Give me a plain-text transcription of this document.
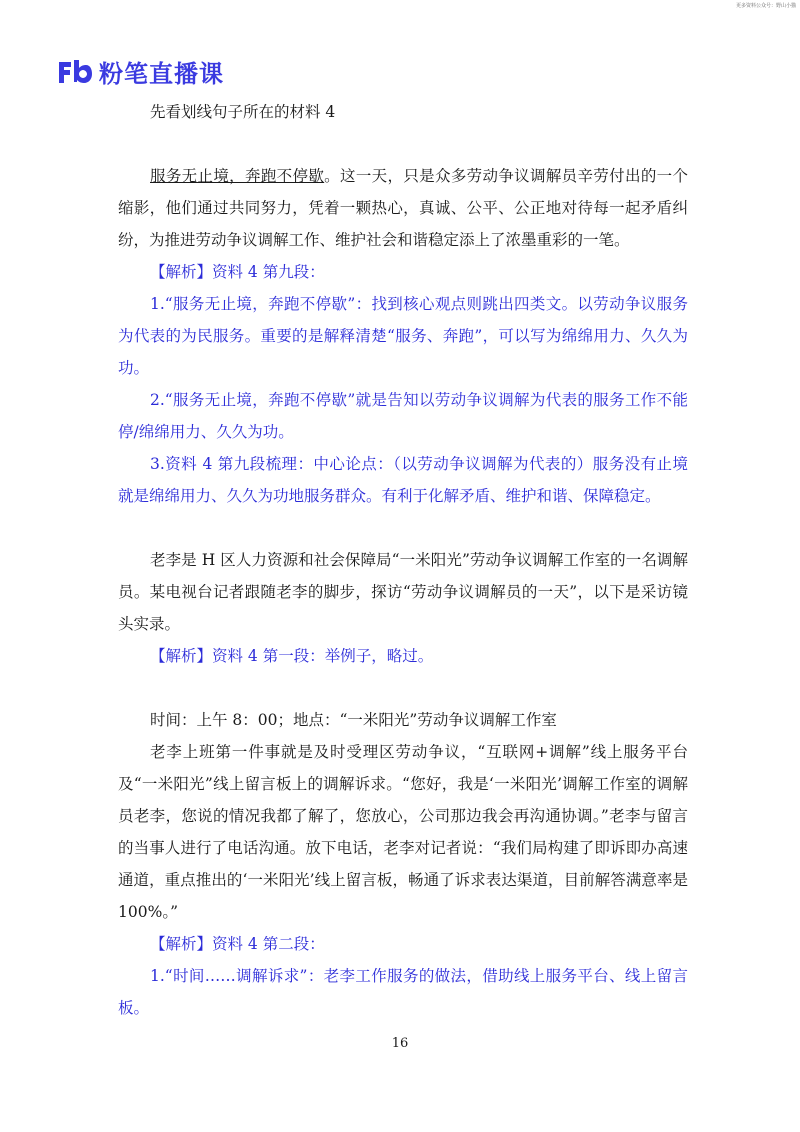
更多资料公众号：野山小猫
粉笔直播课

先看划线句子所在的材料 4

服务无止境，奔跑不停歇。这一天，只是众多劳动争议调解员辛劳付出的一个缩影，他们通过共同努力，凭着一颗热心，真诚、公平、公正地对待每一起矛盾纠纷，为推进劳动争议调解工作、维护社会和谐稳定添上了浓墨重彩的一笔。

【解析】资料 4 第九段：

1.“服务无止境，奔跑不停歇”：找到核心观点则跳出四类文。以劳动争议服务为代表的为民服务。重要的是解释清楚“服务、奔跑”，可以写为绵绵用力、久久为功。

2.“服务无止境，奔跑不停歇”就是告知以劳动争议调解为代表的服务工作不能停/绵绵用力、久久为功。

3.资料 4 第九段梳理：中心论点：（以劳动争议调解为代表的）服务没有止境就是绵绵用力、久久为功地服务群众。有利于化解矛盾、维护和谐、保障稳定。

老李是 H 区人力资源和社会保障局“一米阳光”劳动争议调解工作室的一名调解员。某电视台记者跟随老李的脚步，探访“劳动争议调解员的一天”，以下是采访镜头实录。

【解析】资料 4 第一段：举例子，略过。

时间：上午 8：00；地点：“一米阳光”劳动争议调解工作室

老李上班第一件事就是及时受理区劳动争议，“互联网+调解”线上服务平台及“一米阳光”线上留言板上的调解诉求。“您好，我是‘一米阳光’调解工作室的调解员老李，您说的情况我都了解了，您放心，公司那边我会再沟通协调。”老李与留言的当事人进行了电话沟通。放下电话，老李对记者说：“我们局构建了即诉即办高速通道，重点推出的‘一米阳光’线上留言板，畅通了诉求表达渠道，目前解答满意率是 100%。”

【解析】资料 4 第二段：

1.“时间……调解诉求”：老李工作服务的做法，借助线上服务平台、线上留言板。

16
